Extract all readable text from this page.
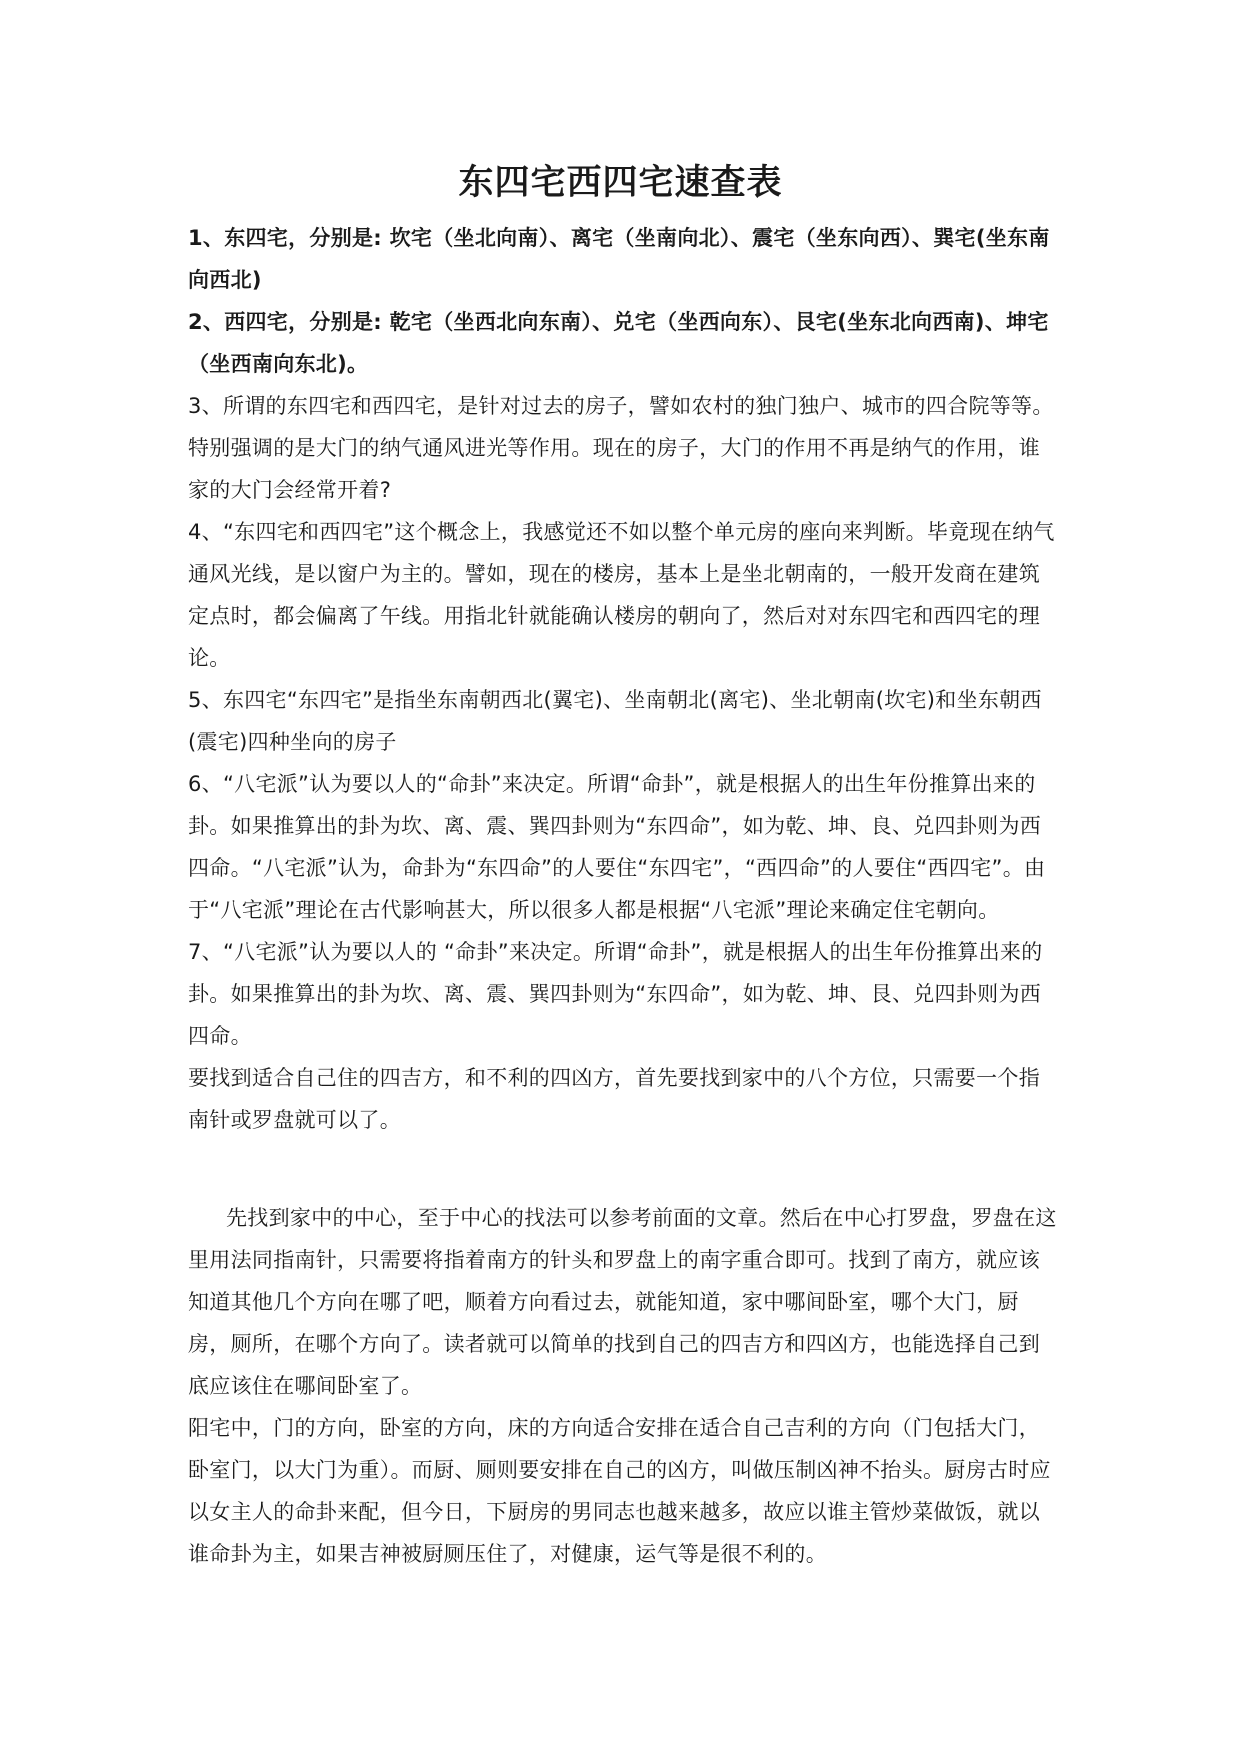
东四宅西四宅速查表

1、东四宅，分别是: 坎宅（坐北向南）、离宅（坐南向北）、震宅（坐东向西）、巽宅(坐东南向西北)

2、西四宅，分别是: 乾宅（坐西北向东南）、兑宅（坐西向东）、艮宅(坐东北向西南)、坤宅（坐西南向东北)。

3、所谓的东四宅和西四宅，是针对过去的房子，譬如农村的独门独户、城市的四合院等等。特别强调的是大门的纳气通风进光等作用。现在的房子，大门的作用不再是纳气的作用，谁家的大门会经常开着?

4、“东四宅和西四宅”这个概念上，我感觉还不如以整个单元房的座向来判断。毕竟现在纳气通风光线，是以窗户为主的。譬如，现在的楼房，基本上是坐北朝南的，一般开发商在建筑定点时，都会偏离了午线。用指北针就能确认楼房的朝向了，然后对对东四宅和西四宅的理论。

5、东四宅“东四宅”是指坐东南朝西北(翼宅)、坐南朝北(离宅)、坐北朝南(坎宅)和坐东朝西(震宅)四种坐向的房子

6、“八宅派”认为要以人的“命卦”来决定。所谓“命卦”，就是根据人的出生年份推算出来的卦。如果推算出的卦为坎、离、震、巽四卦则为“东四命”，如为乾、坤、良、兑四卦则为西四命。“八宅派”认为，命卦为“东四命”的人要住“东四宅”，“西四命”的人要住“西四宅”。由于“八宅派”理论在古代影响甚大，所以很多人都是根据“八宅派”理论来确定住宅朝向。

7、“八宅派”认为要以人的 “命卦”来决定。所谓“命卦”，就是根据人的出生年份推算出来的卦。如果推算出的卦为坎、离、震、巽四卦则为“东四命”，如为乾、坤、艮、兑四卦则为西四命。

要找到适合自己住的四吉方，和不利的四凶方，首先要找到家中的八个方位，只需要一个指南针或罗盘就可以了。

先找到家中的中心，至于中心的找法可以参考前面的文章。然后在中心打罗盘，罗盘在这里用法同指南针，只需要将指着南方的针头和罗盘上的南字重合即可。找到了南方，就应该知道其他几个方向在哪了吧，顺着方向看过去，就能知道，家中哪间卧室，哪个大门，厨房，厕所，在哪个方向了。读者就可以简单的找到自己的四吉方和四凶方，也能选择自己到底应该住在哪间卧室了。

阳宅中，门的方向，卧室的方向，床的方向适合安排在适合自己吉利的方向（门包括大门，卧室门，以大门为重）。而厨、厕则要安排在自己的凶方，叫做压制凶神不抬头。厨房古时应以女主人的命卦来配，但今日，下厨房的男同志也越来越多，故应以谁主管炒菜做饭，就以谁命卦为主，如果吉神被厨厕压住了，对健康，运气等是很不利的。
